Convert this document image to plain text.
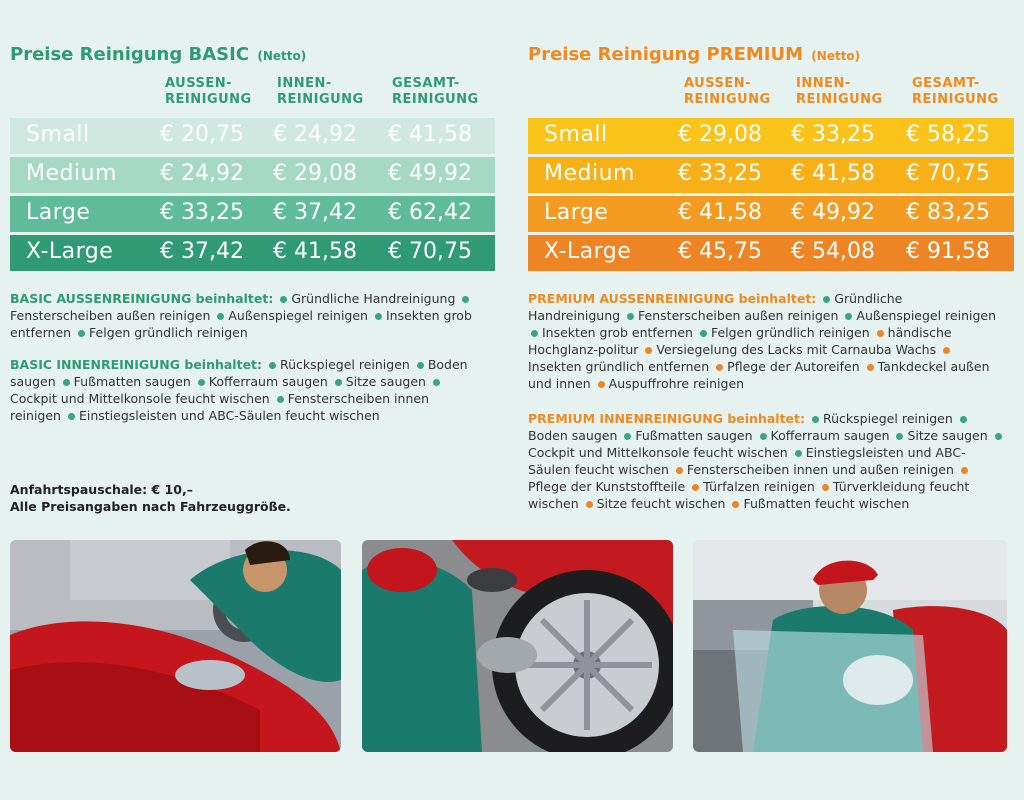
Preise Reinigung BASIC (Netto)
AUSSEN-
REINIGUNG
INNEN-
REINIGUNG
GESAMT-
REINIGUNG
Small	€ 20,75 € 24,92 € 41,58
Medium € 24,92 € 29,08 € 49,92
Large	€ 33,25 € 37,42 € 62,42
X-Large € 37,42 € 41,58 € 70,75
BASIC AUSSENREINIGUNG beinhaltet: Gründliche Handreinigung Fensterscheiben außen reinigen Außenspiegel reinigen Insekten grob entfernen Felgen gründlich reinigen
BASIC INNENREINIGUNG beinhaltet: Rückspiegel reinigen Boden saugen Fußmatten saugen Kofferraum saugen Sitze saugen Cockpit und Mittelkonsole feucht wischen Fensterscheiben innen reinigen Einstiegsleisten und ABC-Säulen feucht wischen
Preise Reinigung PREMIUM (Netto)
AUSSEN-
REINIGUNG
INNEN-
REINIGUNG
GESAMT-
REINIGUNG
Small	€ 29,08 € 33,25 € 58,25
Medium € 33,25 € 41,58 € 70,75
Large	€ 41,58 € 49,92 € 83,25
X-Large € 45,75 € 54,08 € 91,58
PREMIUM AUSSENREINIGUNG beinhaltet: Gründliche Handreinigung Fensterscheiben außen reinigen Außenspiegel reinigen Insekten grob entfernen Felgen gründlich reinigen händische Hochglanz-politur Versiegelung des Lacks mit Carnauba Wachs Insekten gründlich entfernen Pflege der Autoreifen Tankdeckel außen und innen Auspuffrohre reinigen
PREMIUM INNENREINIGUNG beinhaltet: Rückspiegel reinigen Boden saugen Fußmatten saugen Kofferraum saugen Sitze saugen Cockpit und Mittelkonsole feucht wischen Einstiegsleisten und ABC-Säulen feucht wischen Fensterscheiben innen und außen reinigen Pflege der Kunststoffteile Türfalzen reinigen Türverkleidung feucht wischen Sitze feucht wischen Fußmatten feucht wischen
Anfahrtspauschale: € 10,–
Alle Preisangaben nach Fahrzeuggröße.
